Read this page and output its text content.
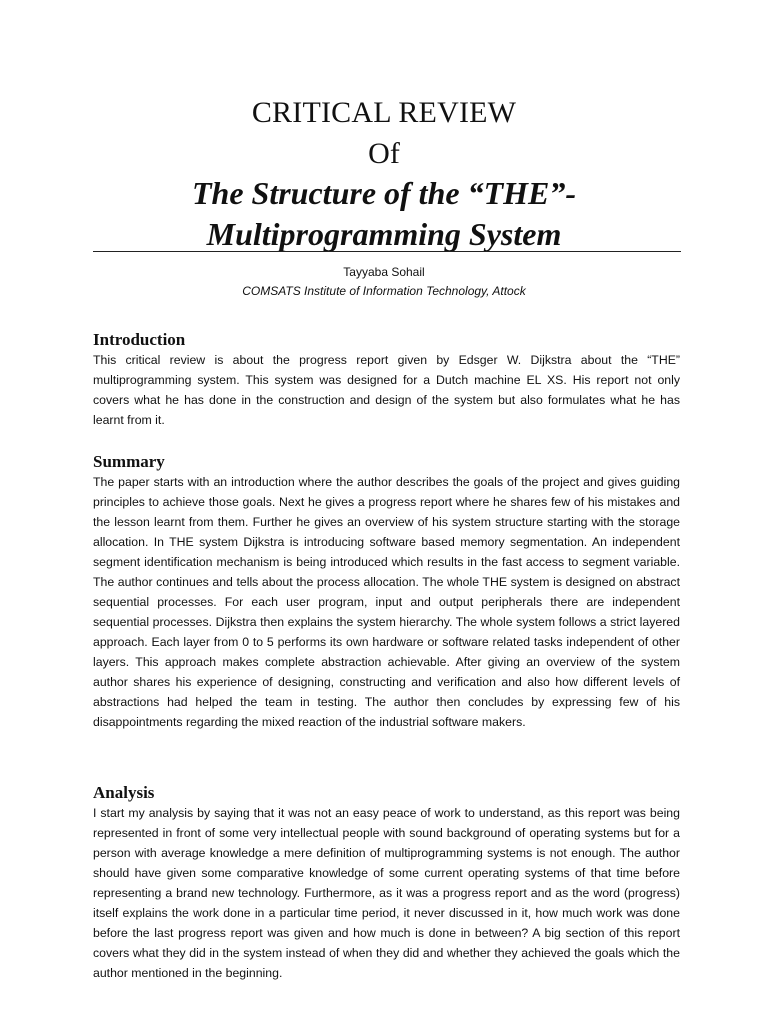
CRITICAL REVIEW
Of
The Structure of the “THE”-
Multiprogramming System
Tayyaba Sohail
COMSATS Institute of Information Technology, Attock
Introduction

This critical review is about the progress report given by Edsger W. Dijkstra about the “THE” multiprogramming system. This system was designed for a Dutch machine EL XS. His report not only covers what he has done in the construction and design of the system but also formulates what he has learnt from it.

Summary

The paper starts with an introduction where the author describes the goals of the project and gives guiding principles to achieve those goals. Next he gives a progress report where he shares few of his mistakes and the lesson learnt from them. Further he gives an overview of his system structure starting with the storage allocation. In THE system Dijkstra is introducing software based memory segmentation. An independent segment identification mechanism is being introduced which results in the fast access to segment variable. The author continues and tells about the process allocation. The whole THE system is designed on abstract sequential processes. For each user program, input and output peripherals there are independent sequential processes. Dijkstra then explains the system hierarchy. The whole system follows a strict layered approach. Each layer from 0 to 5 performs its own hardware or software related tasks independent of other layers. This approach makes complete abstraction achievable. After giving an overview of the system author shares his experience of designing, constructing and verification and also how different levels of abstractions had helped the team in testing. The author then concludes by expressing few of his disappointments regarding the mixed reaction of the industrial software makers.

Analysis

I start my analysis by saying that it was not an easy peace of work to understand, as this report was being represented in front of some very intellectual people with sound background of operating systems but for a person with average knowledge a mere definition of multiprogramming systems is not enough. The author should have given some comparative knowledge of some current operating systems of that time before representing a brand new technology. Furthermore, as it was a progress report and as the word (progress) itself explains the work done in a particular time period, it never discussed in it, how much work was done before the last progress report was given and how much is done in between? A big section of this report covers what they did in the system instead of when they did and whether they achieved the goals which the author mentioned in the beginning.
